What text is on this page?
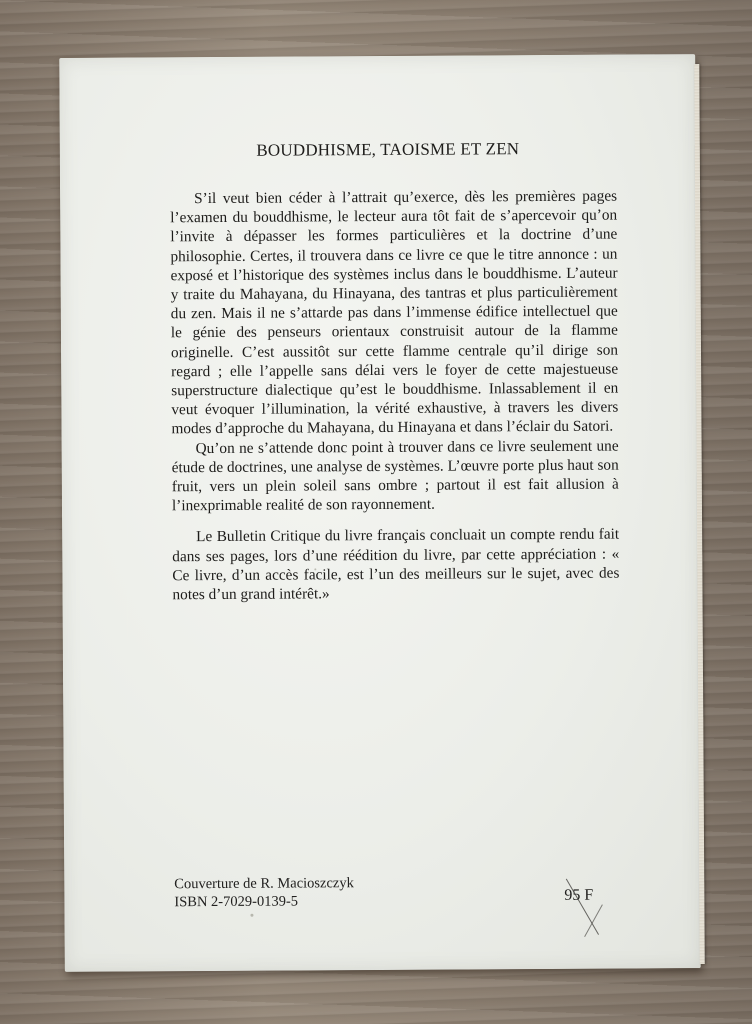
BOUDDHISME, TAOISME ET ZEN

S’il veut bien céder à l’attrait qu’exerce, dès les premières pages l’examen du bouddhisme, le lecteur aura tôt fait de s’apercevoir qu’on l’invite à dépasser les formes particulières et la doctrine d’une philosophie. Certes, il trouvera dans ce livre ce que le titre annonce : un exposé et l’historique des systèmes inclus dans le bouddhisme. L’auteur y traite du Mahayana, du Hinayana, des tantras et plus particulièrement du zen. Mais il ne s’attarde pas dans l’immense édifice intellectuel que le génie des penseurs orientaux construisit autour de la flamme originelle. C’est aussitôt sur cette flamme centrale qu’il dirige son regard ; elle l’appelle sans délai vers le foyer de cette majestueuse superstructure dialectique qu’est le bouddhisme. Inlassablement il en veut évoquer l’illumination, la vérité exhaustive, à travers les divers modes d’approche du Mahayana, du Hinayana et dans l’éclair du Satori.

Qu’on ne s’attende donc point à trouver dans ce livre seulement une étude de doctrines, une analyse de systèmes. L’œuvre porte plus haut son fruit, vers un plein soleil sans ombre ; partout il est fait allusion à l’inexprimable realité de son rayonnement.

Le Bulletin Critique du livre français concluait un compte rendu fait dans ses pages, lors d’une réédition du livre, par cette appréciation : « Ce livre, d’un accès facile, est l’un des meilleurs sur le sujet, avec des notes d’un grand intérêt.»

Couverture de R. Macioszczyk
ISBN 2-7029-0139-5	95 F
